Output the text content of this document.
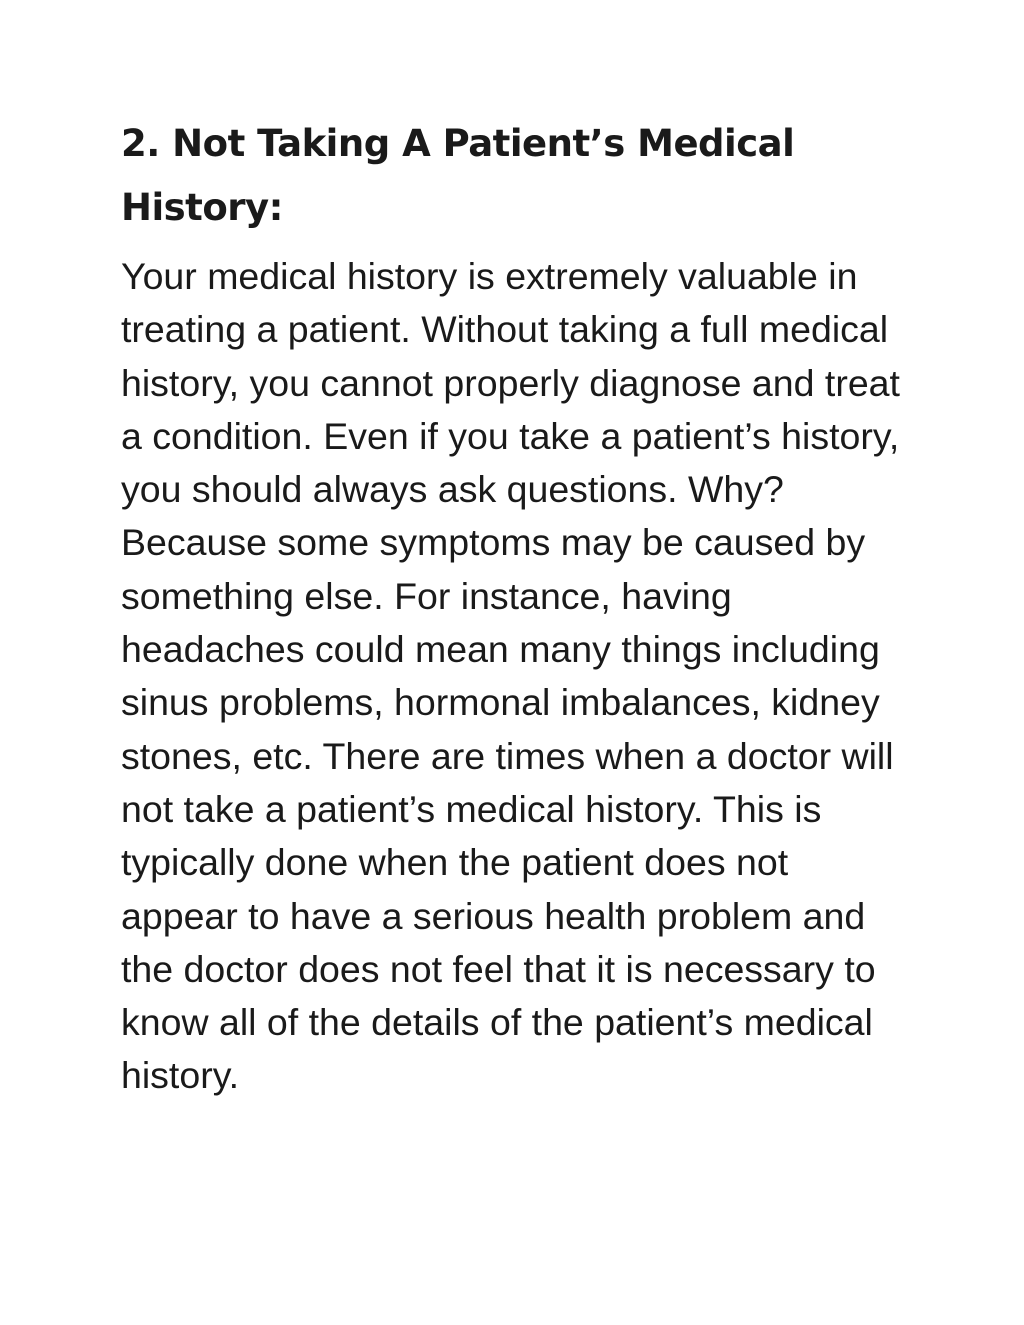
2. Not Taking A Patient’s Medical History:

Your medical history is extremely valuable in treating a patient. Without taking a full medical history, you cannot properly diagnose and treat a condition. Even if you take a patient’s history, you should always ask questions. Why? Because some symptoms may be caused by something else. For instance, having headaches could mean many things including sinus problems, hormonal imbalances, kidney stones, etc. There are times when a doctor will not take a patient’s medical history. This is typically done when the patient does not appear to have a serious health problem and the doctor does not feel that it is necessary to know all of the details of the patient’s medical history.
